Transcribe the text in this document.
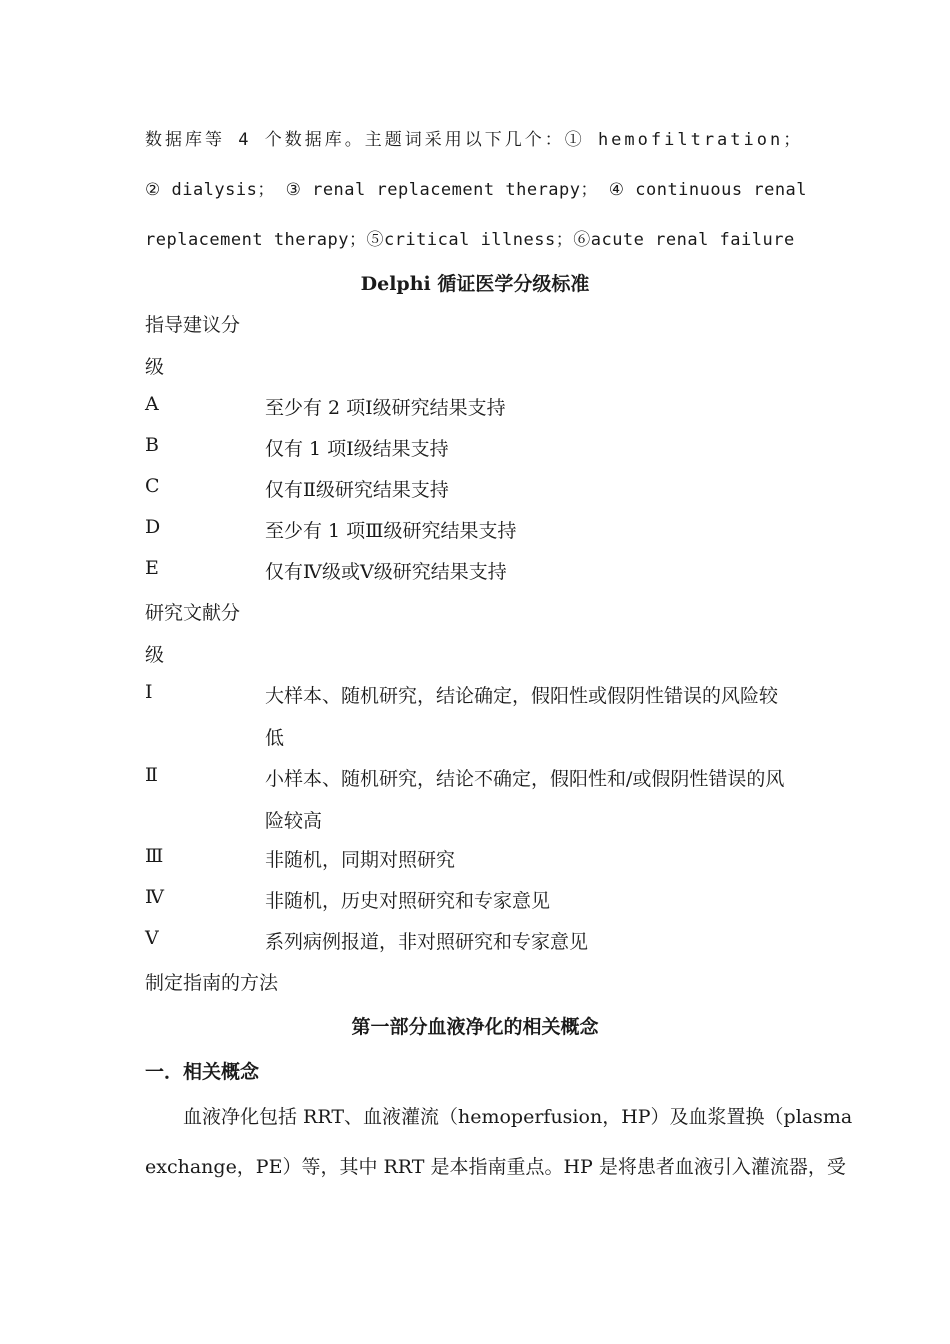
数据库等 4 个数据库。主题词采用以下几个：① hemofiltration；
② dialysis； ③ renal replacement therapy； ④ continuous renal
replacement therapy；⑤critical illness；⑥acute renal failure
Delphi 循证医学分级标准
指导建议分
级
A	至少有 2 项Ⅰ级研究结果支持
B	仅有 1 项Ⅰ级结果支持
C	仅有Ⅱ级研究结果支持
D	至少有 1 项Ⅲ级研究结果支持
E	仅有Ⅳ级或Ⅴ级研究结果支持
研究文献分
级
Ⅰ	大样本、随机研究，结论确定，假阳性或假阴性错误的风险较
低
Ⅱ	小样本、随机研究，结论不确定，假阳性和/或假阴性错误的风
险较高
Ⅲ	非随机，同期对照研究
Ⅳ	非随机，历史对照研究和专家意见
Ⅴ	系列病例报道，非对照研究和专家意见
制定指南的方法
第一部分血液净化的相关概念
一．相关概念
血液净化包括 RRT、血液灌流（hemoperfusion，HP）及血浆置换（plasma
exchange，PE）等，其中 RRT 是本指南重点。HP 是将患者血液引入灌流器，受
